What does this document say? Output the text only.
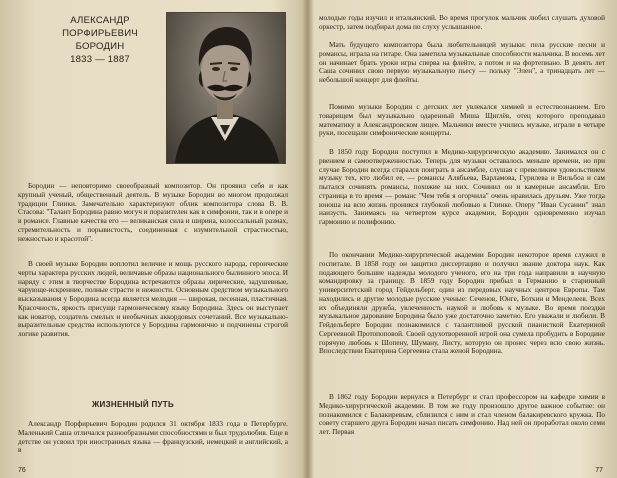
АЛЕКСАНДР
ПОРФИРЬЕВИЧ
БОРОДИН
1833 — 1887

Бородин — неповторимо своеобразный композитор. Он проявил себя и как крупный ученый, общественный деятель. В музыке Бородин во многом продолжал традиции Глинки. Замечательно характеризуют облик композитора слова В. В. Стасова: "Талант Бородина равно могуч и поразителен как в симфонии, так и в опере и в романсе. Главные качества его — великанская сила и ширина, колоссальный размах, стремительность и порывистость, соединенная с изумительной страстностью, нежностью и красотой".

В своей музыке Бородин воплотил величие и мощь русского народа, героические черты характера русских людей, величавые образы национального былинного эпоса. И наряду с этим в творчестве Бородина встречаются образы лирические, задушевные, чарующе-искренние, полные страсти и нежности. Основным средством музыкального высказывания у Бородина всегда является мелодия — широкая, песенная, пластичная. Красочность, яркость присущи гармоническому языку Бородина. Здесь он выступает как новатор, создатель смелых и необычных аккордовых сочетаний. Все музыкально-выразительные средства используются у Бородина гармонично и подчинены строгой логике развития.

ЖИЗНЕННЫЙ ПУТЬ

Александр Порфирьевич Бородин родился 31 октября 1833 года в Петербурге. Маленький Саша отличался разнообразными способностями и был трудолюбив. Еще в детстве он усвоил три иностранных языка — французский, немецкий и английский, а в

76

молодые годы изучил и итальянский. Во время прогулок мальчик любил слушать духовой оркестр, затем подбирал дома по слуху услышанное.

Мать будущего композитора была любительницей музыки: пела русские песни и романсы, играла на гитаре. Она заметила музыкальные способности мальчика. В восемь лет он начинает брать уроки игры сперва на флейте, а потом и на фортепиано. В девять лет Саша сочинил свою первую музыкальную пьесу — польку "Элен", а тринадцать лет — небольшой концерт для флейты.

Помимо музыки Бородин с детских лет увлекался химией и естествознанием. Его товарищем был музыкально одаренный Миша Щиглёв, отец которого преподавал математику в Александровском лицее. Мальчики вместе учились музыке, играли в четыре руки, посещали симфонические концерты.

В 1850 году Бородин поступил в Медико-хирургическую академию. Занимался он с рвением и самоотверженностью. Теперь для музыки оставалось меньше времени, но при случае Бородин всегда старался поиграть в ансамбле, слушая с превеликим удовольствием музыку тех, кто любил ее, — романсы Алябьева, Варламова, Гурилева и Вильбоа и сам пытался сочинять романсы, похожие на них. Сочинил он и камерные ансамбли. Его страница в то время — романс "Чем тебя я огорчила" очень нравилась друзьям. Уже тогда юноша на всю жизнь проникся глубокой любовью к Глинке. Оперу "Иван Сусанин" знал наизусть. Занимаясь на четвертом курсе академии, Бородин одновременно изучал гармонию и полифонию.

По окончании Медико-хирургической академии Бородин некоторое время служил в госпитале. В 1858 году он защитил диссертацию и получил звание доктора наук. Как подающего большие надежды молодого ученого, его на три года направили в научную командировку за границу. В 1859 году Бородин прибыл в Германию в старинный университетский город Гейдельберг, один из передовых научных центров Европы. Там находились и другие молодые русские ученые: Сеченов, Юнге, Боткин и Менделеев. Всех их объединяли дружба, увлеченность наукой и любовь к музыке. Во время поездки музыкальное дарование Бородина было уже достаточно заметно. Его уважали и любили. В Гейдельберге Бородин познакомился с талантливой русской пианисткой Екатериной Сергеевной Протопоповой. Своей одухотворенной игрой она сумела пробудить в Бородине горячую любовь к Шопену, Шуману, Листу, которую он пронес через всю свою жизнь. Впоследствии Екатерина Сергеевна стала женой Бородина.

В 1862 году Бородин вернулся в Петербург и стал профессором на кафедре химии в Медико-хирургической академии. В том же году произошло другое важное событие: он познакомился с Балакиревым, сблизился с ним и стал членом балакиревского кружка. По совету старшего друга Бородин начал писать симфонию. Над ней он проработал около семи лет. Первая

77
